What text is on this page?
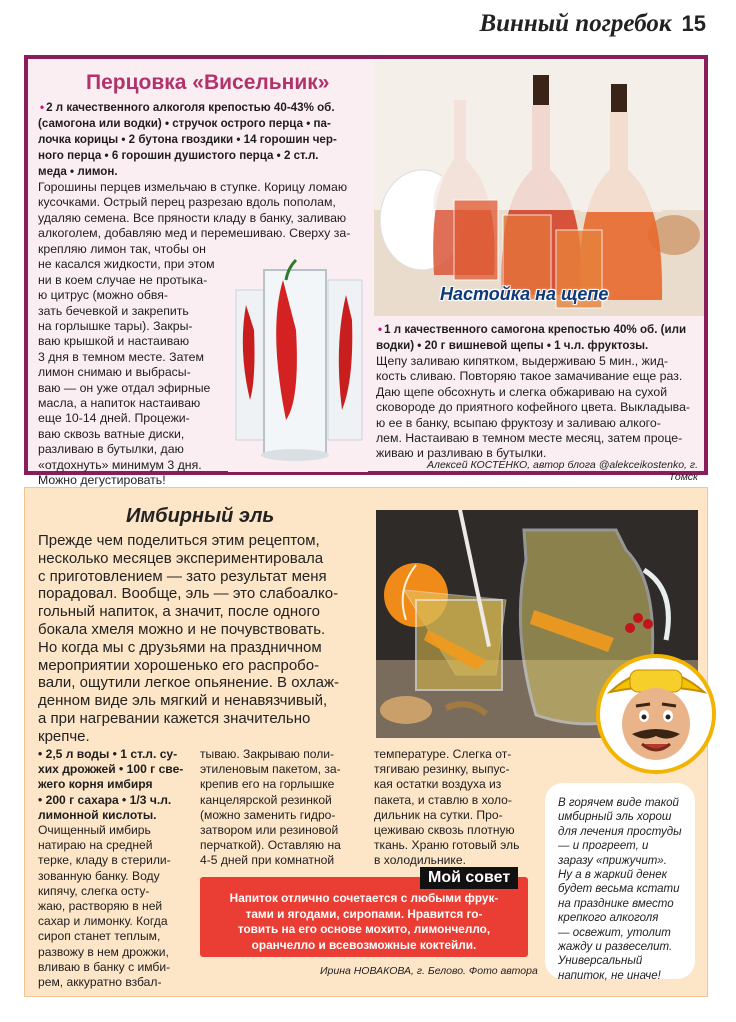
Винный погребок 15
Настойка на щепе
Перцовка «Висельник»
• 2 л качественного алкоголя крепостью 40-43% об.
(самогона или водки) • стручок острого перца • па-
лочка корицы • 2 бутона гвоздики • 14 горошин чер-
ного перца • 6 горошин душистого перца • 2 ст.л.
меда • лимон.
Горошины перцев измельчаю в ступке. Корицу ломаю
кусочками. Острый перец разрезаю вдоль пополам,
удаляю семена. Все пряности кладу в банку, заливаю
алкоголем, добавляю мед и перемешиваю. Сверху за-
крепляю лимон так, чтобы он
не касался жидкости, при этом
ни в коем случае не протыка-
ю цитрус (можно обвя-
зать бечевкой и закрепить
на горлышке тары). Закры-
ваю крышкой и настаиваю
3 дня в темном месте. Затем
лимон снимаю и выбрасы-
ваю — он уже отдал эфирные
масла, а напиток настаиваю
еще 10-14 дней. Процежи-
ваю сквозь ватные диски,
разливаю в бутылки, даю
«отдохнуть» минимум 3 дня.
Можно дегустировать!
• 1 л качественного самогона крепостью 40% об. (или
водки) • 20 г вишневой щепы • 1 ч.л. фруктозы.
Щепу заливаю кипятком, выдерживаю 5 мин., жид-
кость сливаю. Повторяю такое замачивание еще раз.
Даю щепе обсохнуть и слегка обжариваю на сухой
сковороде до приятного кофейного цвета. Выкладыва-
ю ее в банку, всыпаю фруктозу и заливаю алкого-
лем. Настаиваю в темном месте месяц, затем проце-
живаю и разливаю в бутылки.
Алексей КОСТЕНКО, автор блога @alekceikostenko, г. Томск
Имбирный эль
Прежде чем поделиться этим рецептом,
несколько месяцев экспериментировала
с приготовлением — зато результат меня
порадовал. Вообще, эль — это слабоалко-
гольный напиток, а значит, после одного
бокала хмеля можно и не почувствовать.
Но когда мы с друзьями на праздничном
мероприятии хорошенько его распробо-
вали, ощутили легкое опьянение. В охлаж-
денном виде эль мягкий и ненавязчивый,
а при нагревании кажется значительно
крепче.
• 2,5 л воды • 1 ст.л. су-
хих дрожжей • 100 г све-
жего корня имбиря
• 200 г сахара • 1/3 ч.л.
лимонной кислоты.
Очищенный имбирь
натираю на средней
терке, кладу в стерили-
зованную банку. Воду
кипячу, слегка осту-
жаю, растворяю в ней
сахар и лимонку. Когда
сироп станет теплым,
развожу в нем дрожжи,
вливаю в банку с имби-
рем, аккуратно взбал-
тываю. Закрываю поли-
этиленовым пакетом, за-
крепив его на горлышке
канцелярской резинкой
(можно заменить гидро-
затвором или резиновой
перчаткой). Оставляю на
4-5 дней при комнатной
температуре. Слегка от-
тягиваю резинку, выпус-
кая остатки воздуха из
пакета, и ставлю в холо-
дильник на сутки. Про-
цеживаю сквозь плотную
ткань. Храню готовый эль
в холодильнике.
Напиток отлично сочетается с любыми фрук-
тами и ягодами, сиропами. Нравится го-
товить на его основе мохито, лимончелло,
оранчелло и всевозможные коктейли.
Мой совет
Ирина НОВАКОВА, г. Белово. Фото автора
В горячем виде такой
имбирный эль хорош
для лечения простуды
— и прогреет, и
заразу «прижучит».
Ну а в жаркий денек
будет весьма кстати
на празднике вместо
крепкого алкоголя
— освежит, утолит
жажду и развеселит.
Универсальный
напиток, не иначе!
